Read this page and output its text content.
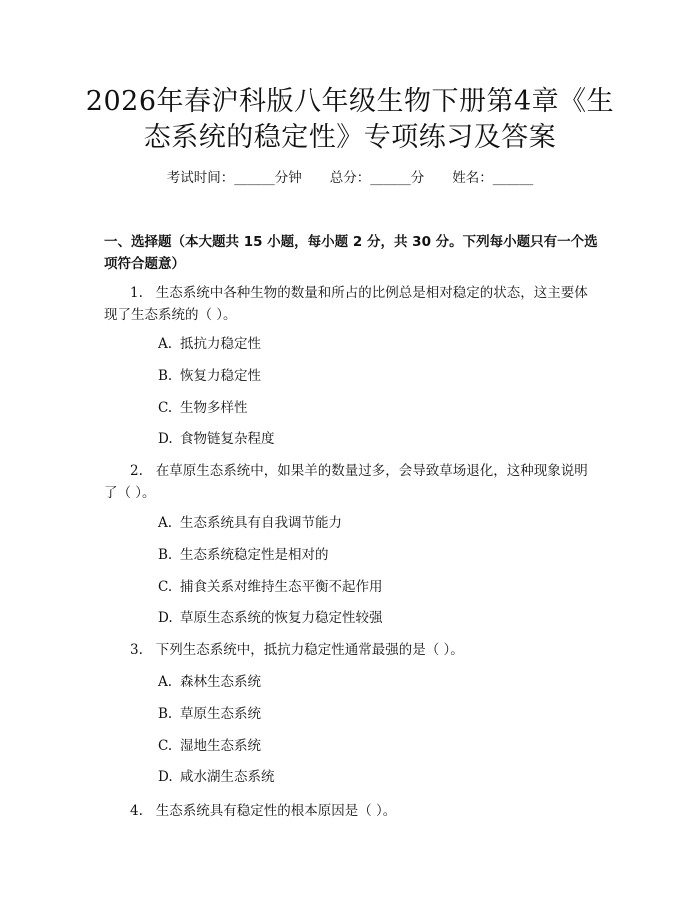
2026年春沪科版八年级生物下册第4章《生
态系统的稳定性》专项练习及答案
考试时间：______分钟 总分：______分 姓名：______
一、选择题（本大题共 15 小题，每小题 2 分，共 30 分。下列每小题只有一个选
项符合题意）
1. 生态系统中各种生物的数量和所占的比例总是相对稳定的状态，这主要体
现了生态系统的（ ）。
A. 抵抗力稳定性
B. 恢复力稳定性
C. 生物多样性
D. 食物链复杂程度
2. 在草原生态系统中，如果羊的数量过多，会导致草场退化，这种现象说明
了（ ）。
A. 生态系统具有自我调节能力
B. 生态系统稳定性是相对的
C. 捕食关系对维持生态平衡不起作用
D. 草原生态系统的恢复力稳定性较强
3. 下列生态系统中，抵抗力稳定性通常最强的是（ ）。
A. 森林生态系统
B. 草原生态系统
C. 湿地生态系统
D. 咸水湖生态系统
4. 生态系统具有稳定性的根本原因是（ ）。
